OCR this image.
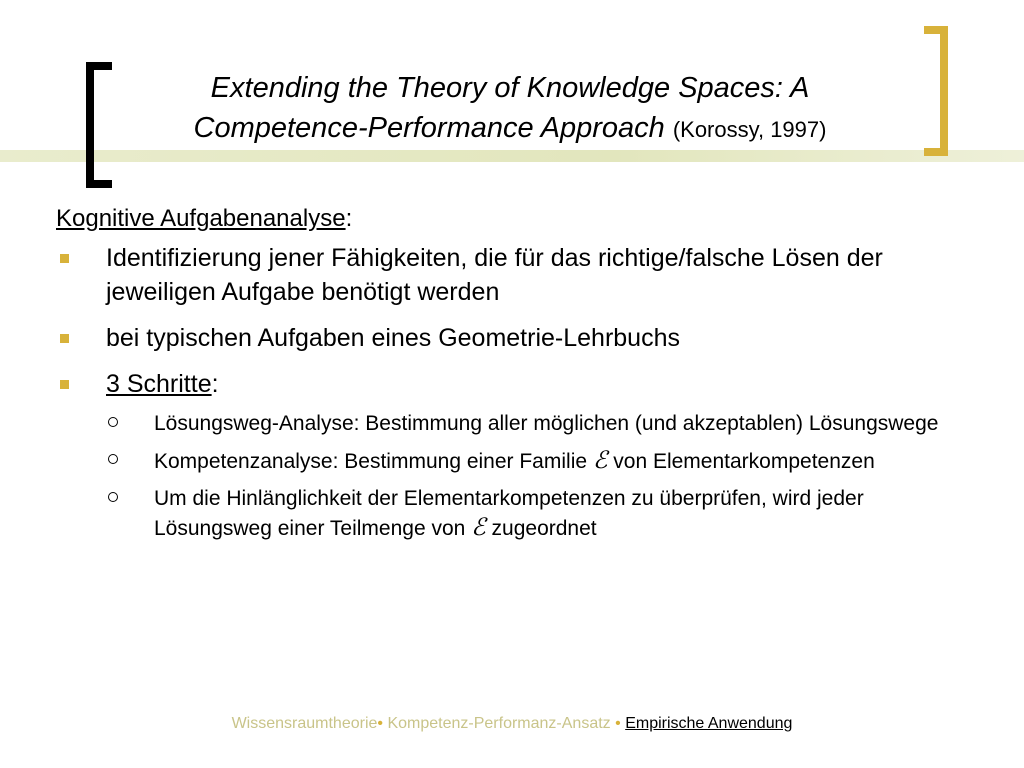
Extending the Theory of Knowledge Spaces: A
Competence-Performance Approach (Korossy, 1997)
Kognitive Aufgabenanalyse:
Identifizierung jener Fähigkeiten, die für das richtige/falsche Lösen der jeweiligen Aufgabe benötigt werden
bei typischen Aufgaben eines Geometrie-Lehrbuchs
3 Schritte:
Lösungsweg-Analyse: Bestimmung aller möglichen (und akzeptablen) Lösungswege
Kompetenzanalyse: Bestimmung einer Familie ℰ von Elementarkompetenzen
Um die Hinlänglichkeit der Elementarkompetenzen zu überprüfen, wird jeder Lösungsweg einer Teilmenge von ℰ zugeordnet
Wissensraumtheorie• Kompetenz-Performanz-Ansatz • Empirische Anwendung
